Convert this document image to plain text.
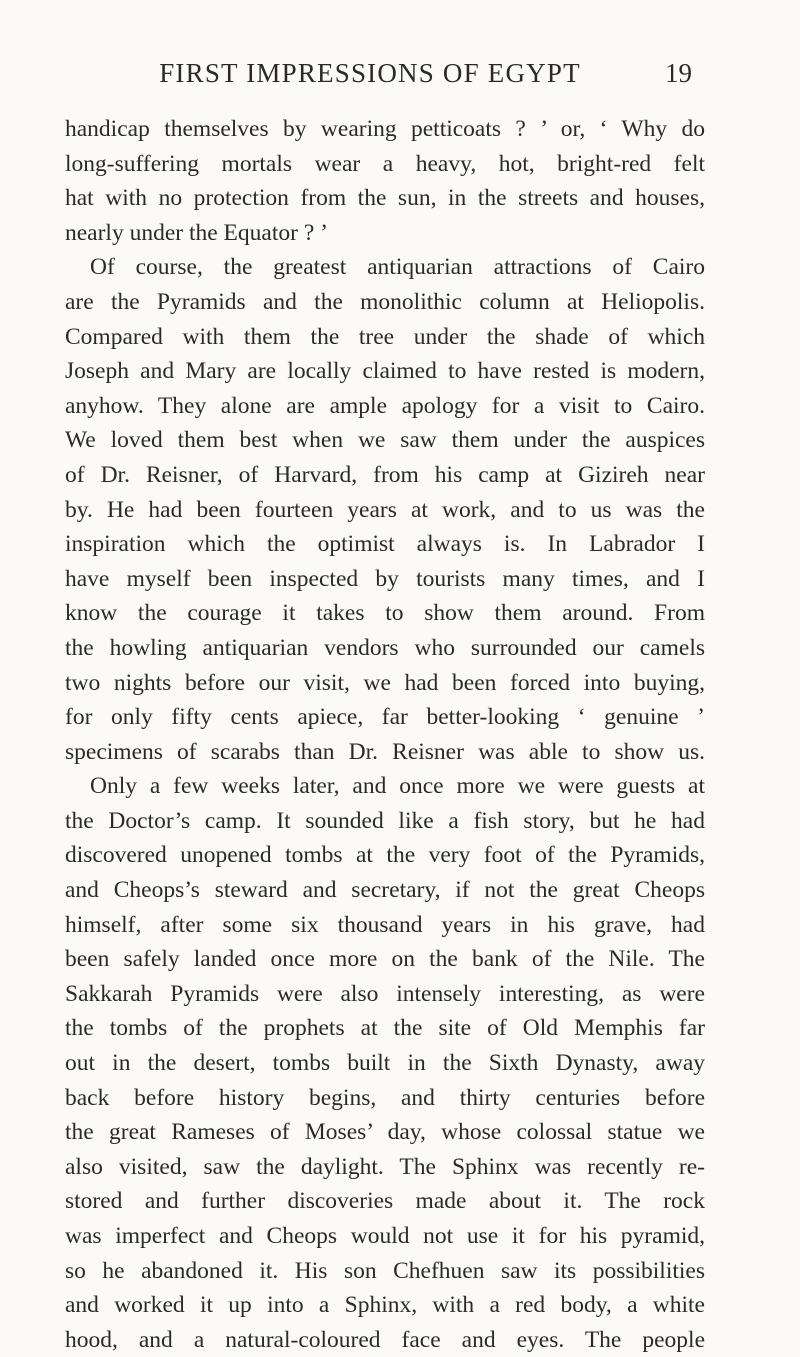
FIRST IMPRESSIONS OF EGYPT	19
handicap themselves by wearing petticoats ? ’ or, ‘ Why do
long-suffering mortals wear a heavy, hot, bright-red felt
hat with no protection from the sun, in the streets and houses,
nearly under the Equator ? ’
Of course, the greatest antiquarian attractions of Cairo
are the Pyramids and the monolithic column at Heliopolis.
Compared with them the tree under the shade of which
Joseph and Mary are locally claimed to have rested is modern,
anyhow. They alone are ample apology for a visit to Cairo.
We loved them best when we saw them under the auspices
of Dr. Reisner, of Harvard, from his camp at Gizireh near
by. He had been fourteen years at work, and to us was the
inspiration which the optimist always is. In Labrador I
have myself been inspected by tourists many times, and I
know the courage it takes to show them around. From
the howling antiquarian vendors who surrounded our camels
two nights before our visit, we had been forced into buying,
for only fifty cents apiece, far better-looking ‘ genuine ’
specimens of scarabs than Dr. Reisner was able to show us.
Only a few weeks later, and once more we were guests at
the Doctor’s camp. It sounded like a fish story, but he had
discovered unopened tombs at the very foot of the Pyramids,
and Cheops’s steward and secretary, if not the great Cheops
himself, after some six thousand years in his grave, had
been safely landed once more on the bank of the Nile. The
Sakkarah Pyramids were also intensely interesting, as were
the tombs of the prophets at the site of Old Memphis far
out in the desert, tombs built in the Sixth Dynasty, away
back before history begins, and thirty centuries before
the great Rameses of Moses’ day, whose colossal statue we
also visited, saw the daylight. The Sphinx was recently re-
stored and further discoveries made about it. The rock
was imperfect and Cheops would not use it for his pyramid,
so he abandoned it. His son Chefhuen saw its possibilities
and worked it up into a Sphinx, with a red body, a white
hood, and a natural-coloured face and eyes. The people
